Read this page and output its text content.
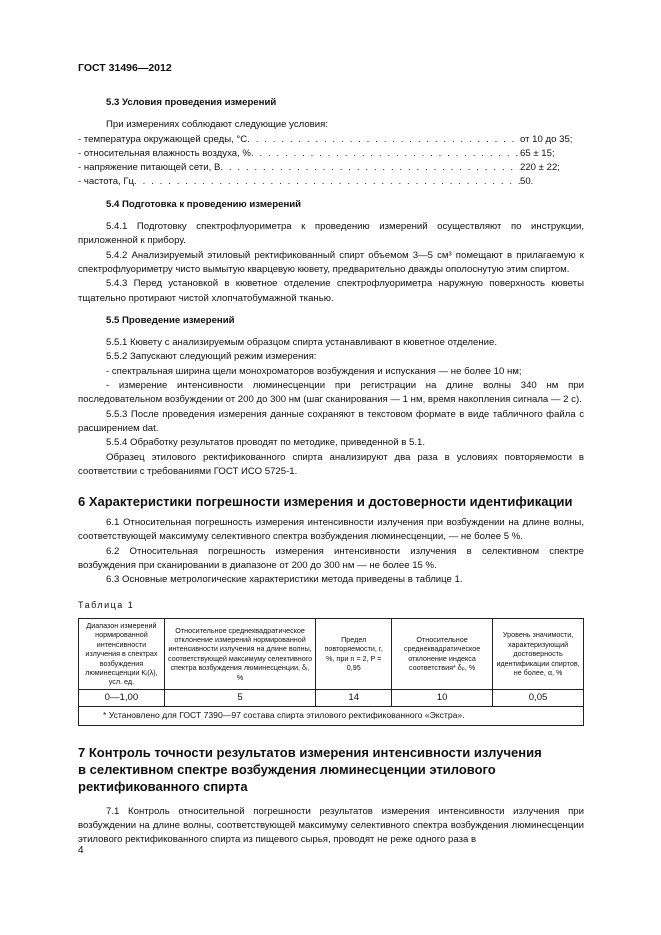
ГОСТ 31496—2012

5.3 Условия проведения измерений

При измерениях соблюдают следующие условия:

- температура окружающей среды, °С . . .	от 10 до 35;
- относительная влажность воздуха, % . . .	65 ± 15;
- напряжение питающей сети, В . . .	220 ± 22;
- частота, Гц . . .	50.

5.4 Подготовка к проведению измерений

5.4.1 Подготовку спектрофлуориметра к проведению измерений осуществляют по инструкции, приложенной к прибору.

5.4.2 Анализируемый этиловый ректификованный спирт объемом 3—5 см³ помещают в прилагаемую к спектрофлуориметру чисто вымытую кварцевую кювету, предварительно дважды ополоснутую этим спиртом.

5.4.3 Перед установкой в кюветное отделение спектрофлуориметра наружную поверхность кюветы тщательно протирают чистой хлопчатобумажной тканью.

5.5 Проведение измерений

5.5.1 Кювету с анализируемым образцом спирта устанавливают в кюветное отделение.

5.5.2 Запускают следующий режим измерения:

- спектральная ширина щели монохроматоров возбуждения и испускания — не более 10 нм;

- измерение интенсивности люминесценции при регистрации на длине волны 340 нм при последовательном возбуждении от 200 до 300 нм (шаг сканирования — 1 нм, время накопления сигнала — 2 с).

5.5.3 После проведения измерения данные сохраняют в текстовом формате в виде табличного файла с расширением dat.

5.5.4 Обработку результатов проводят по методике, приведенной в 5.1.

Образец этилового ректификованного спирта анализируют два раза в условиях повторяемости в соответствии с требованиями ГОСТ ИСО 5725-1.

6 Характеристики погрешности измерения и достоверности идентификации

6.1 Относительная погрешность измерения интенсивности излучения при возбуждении на длине волны, соответствующей максимуму селективного спектра возбуждения люминесценции, — не более 5 %.

6.2 Относительная погрешность измерения интенсивности излучения в селективном спектре возбуждения при сканировании в диапазоне от 200 до 300 нм — не более 15 %.

6.3 Основные метрологические характеристики метода приведены в таблице 1.

Таблица 1
Диапазон измерений нормированной интенсивности излучения в спектрах возбуждения люминесценции Kᵢ(λ), усл. ед.	Относительное среднеквадратическое отклонение измерений нормированной интенсивности излучения на длине волны, соответствующей максимуму селективного спектра возбуждения люминесценции, δᵣ, %	Предел повторяемости, r, %, при n = 2, P = 0,95	Относительное среднеквадратическое отклонение индекса соответствия* δₚ, %	Уровень значимости, характеризующий достоверность идентификации спиртов, не более, α, %
0—1,00	5	14	10	0,05
* Установлено для ГОСТ 7390—97 состава спирта этилового ректификованного «Экстра».				

7 Контроль точности результатов измерения интенсивности излучения

в селективном спектре возбуждения люминесценции этилового

ректификованного спирта

7.1 Контроль относительной погрешности результатов измерения интенсивности излучения при возбуждении на длине волны, соответствующей максимуму селективного спектра возбуждения люминесценции этилового ректификованного спирта из пищевого сырья, проводят не реже одного раза в

4
